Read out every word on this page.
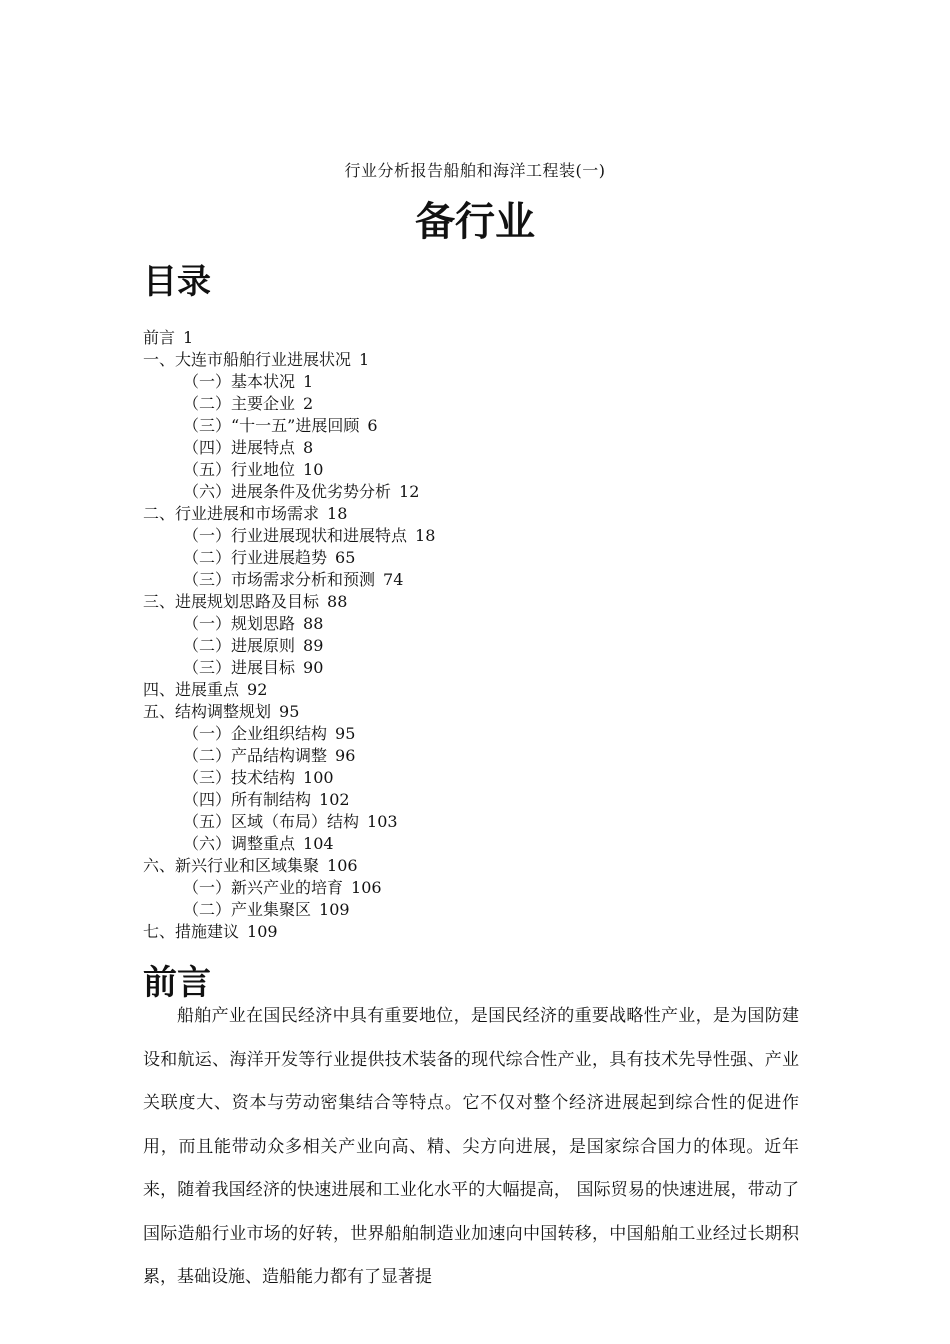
行业分析报告船舶和海洋工程装(一)
备行业
目录
前言 1
一、大连市船舶行业进展状况 1
（一）基本状况 1
（二）主要企业 2
（三）“十一五”进展回顾 6
（四）进展特点 8
（五）行业地位 10
（六）进展条件及优劣势分析 12
二、行业进展和市场需求 18
（一）行业进展现状和进展特点 18
（二）行业进展趋势 65
（三）市场需求分析和预测 74
三、进展规划思路及目标 88
（一）规划思路 88
（二）进展原则 89
（三）进展目标 90
四、进展重点 92
五、结构调整规划 95
（一）企业组织结构 95
（二）产品结构调整 96
（三）技术结构 100
（四）所有制结构 102
（五）区域（布局）结构 103
（六）调整重点 104
六、新兴行业和区域集聚 106
（一）新兴产业的培育 106
（二）产业集聚区 109
七、措施建议 109
前言

船舶产业在国民经济中具有重要地位，是国民经济的重要战略性产业，是为国防建设和航运、海洋开发等行业提供技术装备的现代综合性产业，具有技术先导性强、产业关联度大、资本与劳动密集结合等特点。它不仅对整个经济进展起到综合性的促进作用，而且能带动众多相关产业向高、精、尖方向进展，是国家综合国力的体现。近年来，随着我国经济的快速进展和工业化水平的大幅提高， 国际贸易的快速进展，带动了国际造船行业市场的好转，世界船舶制造业加速向中国转移，中国船舶工业经过长期积累，基础设施、造船能力都有了显著提
